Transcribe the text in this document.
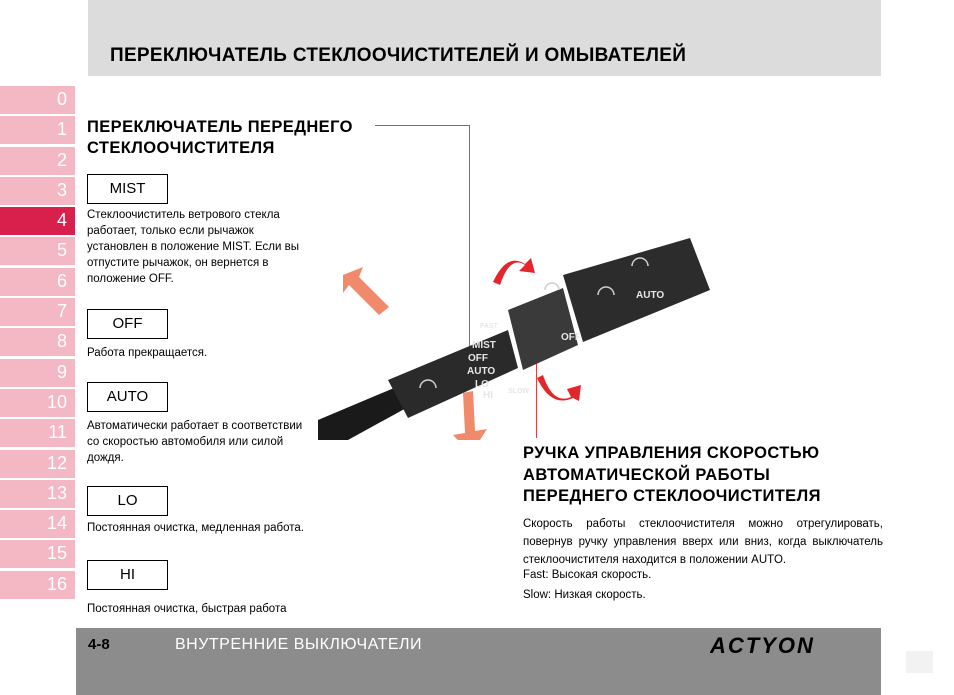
ПЕРЕКЛЮЧАТЕЛЬ СТЕКЛООЧИСТИТЕЛЕЙ И ОМЫВАТЕЛЕЙ
0
1
2
3
4
5
6
7
8
9
10
11
12
13
14
15
16
ПЕРЕКЛЮЧАТЕЛЬ ПЕРЕДНЕГО
СТЕКЛООЧИСТИТЕЛЯ
MIST
Стеклоочиститель ветрового стекла работает, только если рычажок установлен в положение MIST. Если вы отпустите рычажок, он вернется в положение OFF.
OFF
Работа прекращается.
AUTO
Автоматически работает в соответствии со скоростью автомобиля или силой дождя.
LO
Постоянная очистка, медленная работа.
HI
Постоянная очистка, быстрая работа
MIST
OFF
AUTO
LO
HI
FAST
SLOW
OFF
AUTO
РУЧКА УПРАВЛЕНИЯ СКОРОСТЬЮ
АВТОМАТИЧЕСКОЙ РАБОТЫ
ПЕРЕДНЕГО СТЕКЛООЧИСТИТЕЛЯ
Скорость работы стеклоочистителя можно отрегулировать, повернув ручку управления вверх или вниз, когда выключатель стеклоочистителя находится в положении AUTO.
Fast: Высокая скорость.
Slow: Низкая скорость.
4-8	ВНУТРЕННИЕ ВЫКЛЮЧАТЕЛИ	ACTYON
